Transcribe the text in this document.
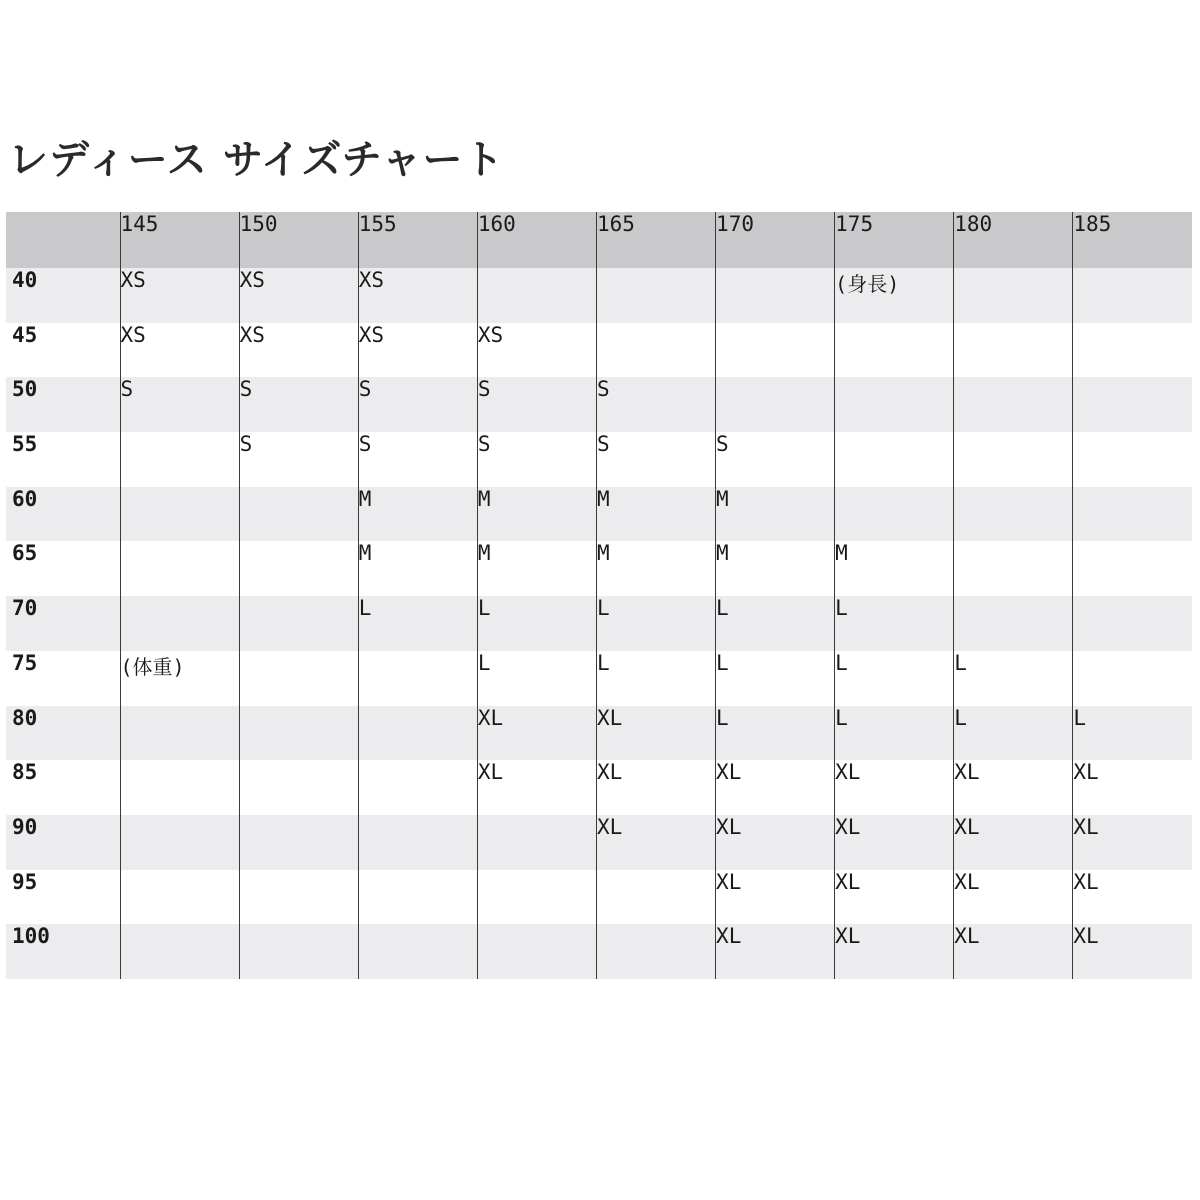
レディース サイズチャート
	145	150	155	160	165	170	175	180	185
40	XS	XS	XS				(身長)		
45	XS	XS	XS	XS					
50	S	S	S	S	S				
55		S	S	S	S	S			
60			M	M	M	M			
65			M	M	M	M	M		
70			L	L	L	L	L		
75	(体重)			L	L	L	L	L	
80				XL	XL	L	L	L	L
85				XL	XL	XL	XL	XL	XL
90					XL	XL	XL	XL	XL
95						XL	XL	XL	XL
100						XL	XL	XL	XL
